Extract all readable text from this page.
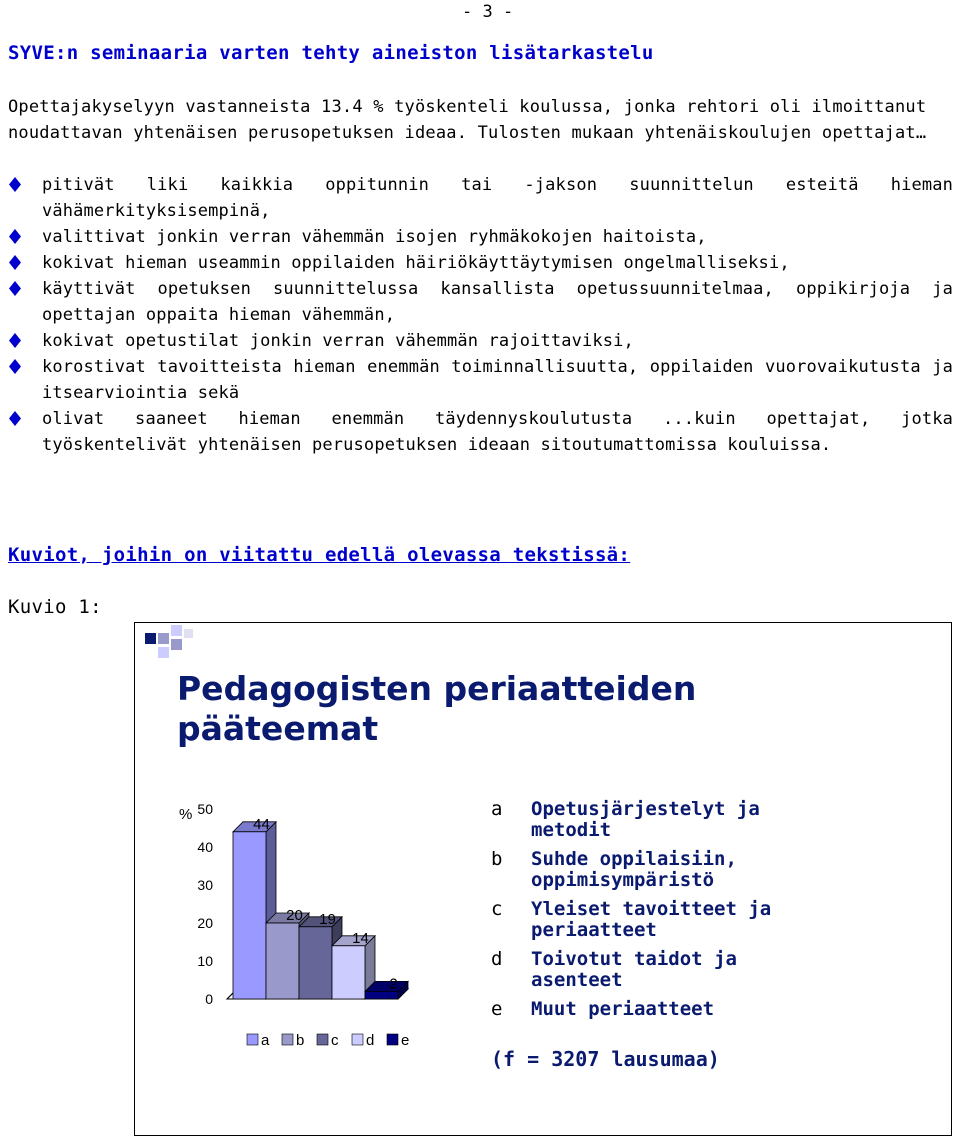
- 3 -
SYVE:n seminaaria varten tehty aineiston lisätarkastelu

Opettajakyselyyn vastanneista 13.4 % työskenteli koulussa, jonka rehtori oli ilmoittanut noudattavan yhtenäisen perusopetuksen ideaa. Tulosten mukaan yhtenäiskoulujen opettajat…

pitivät liki kaikkia oppitunnin tai -jakson suunnittelun esteitä hieman vähämerkityksisempinä,
valittivat jonkin verran vähemmän isojen ryhmäkokojen haitoista,
kokivat hieman useammin oppilaiden häiriökäyttäytymisen ongelmalliseksi,
käyttivät opetuksen suunnittelussa kansallista opetussuunnitelmaa, oppikirjoja ja opettajan oppaita hieman vähemmän,
kokivat opetustilat jonkin verran vähemmän rajoittaviksi,
korostivat tavoitteista hieman enemmän toiminnallisuutta, oppilaiden vuorovaikutusta ja itsearviointia sekä
olivat saaneet hieman enemmän täydennyskoulutusta ...kuin opettajat, jotka työskentelivät yhtenäisen perusopetuksen ideaan sitoutumattomissa kouluissa.
Kuviot, joihin on viitattu edellä olevassa tekstissä:
Kuvio 1:
Pedagogisten periaatteiden
pääteemat
%
0
10
20
30
40
50
44
20 19
14
2
a b c d e
a Opetusjärjestelyt ja metodit
b Suhde oppilaisiin, oppimisympäristö
c Yleiset tavoitteet ja periaatteet
d Toivotut taidot ja asenteet
e Muut periaatteet
(f = 3207 lausumaa)
